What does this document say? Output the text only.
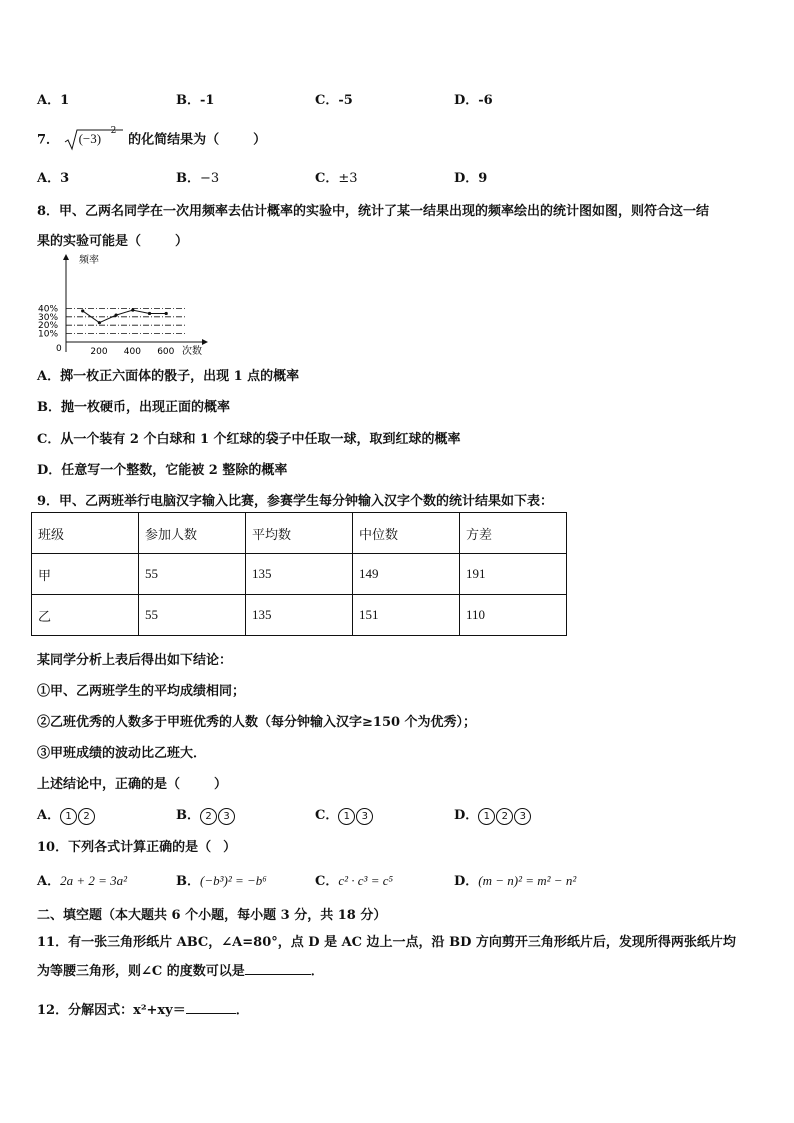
A．1	B．-1	C．-5	D．-6
7． (−3) 2
的化简结果为（	）
A．3	B．−3	C．±3	D．9
8．甲、乙两名同学在一次用频率去估计概率的实验中，统计了某一结果出现的频率绘出的统计图如图，则符合这一结
果的实验可能是（	）
频率
次数
0
10%
20%
30%
40%
200 400 600
A．掷一枚正六面体的骰子，出现 1 点的概率
B．抛一枚硬币，出现正面的概率
C．从一个装有 2 个白球和 1 个红球的袋子中任取一球，取到红球的概率
D．任意写一个整数，它能被 2 整除的概率
9．甲、乙两班举行电脑汉字输入比赛，参赛学生每分钟输入汉字个数的统计结果如下表：
班级	参加人数	平均数	中位数	方差
甲	55	135	149	191
乙	55	135	151	110
某同学分析上表后得出如下结论：
①甲、乙两班学生的平均成绩相同；
②乙班优秀的人数多于甲班优秀的人数（每分钟输入汉字≥150 个为优秀）；
③甲班成绩的波动比乙班大．
上述结论中，正确的是（	）
A． 1 2	B． 2 3	C． 1 3	D． 1 2 3
10．下列各式计算正确的是（ ）
A．2a + 2 = 3a²	B．(−b³)² = −b⁶	C．c² · c³ = c⁵	D．(m − n)² = m² − n²
二、填空题（本大题共 6 个小题，每小题 3 分，共 18 分）
11．有一张三角形纸片 ABC，∠A=80°，点 D 是 AC 边上一点，沿 BD 方向剪开三角形纸片后，发现所得两张纸片均
为等腰三角形，则∠C 的度数可以是	．
12．分解因式：x²+xy＝	．
